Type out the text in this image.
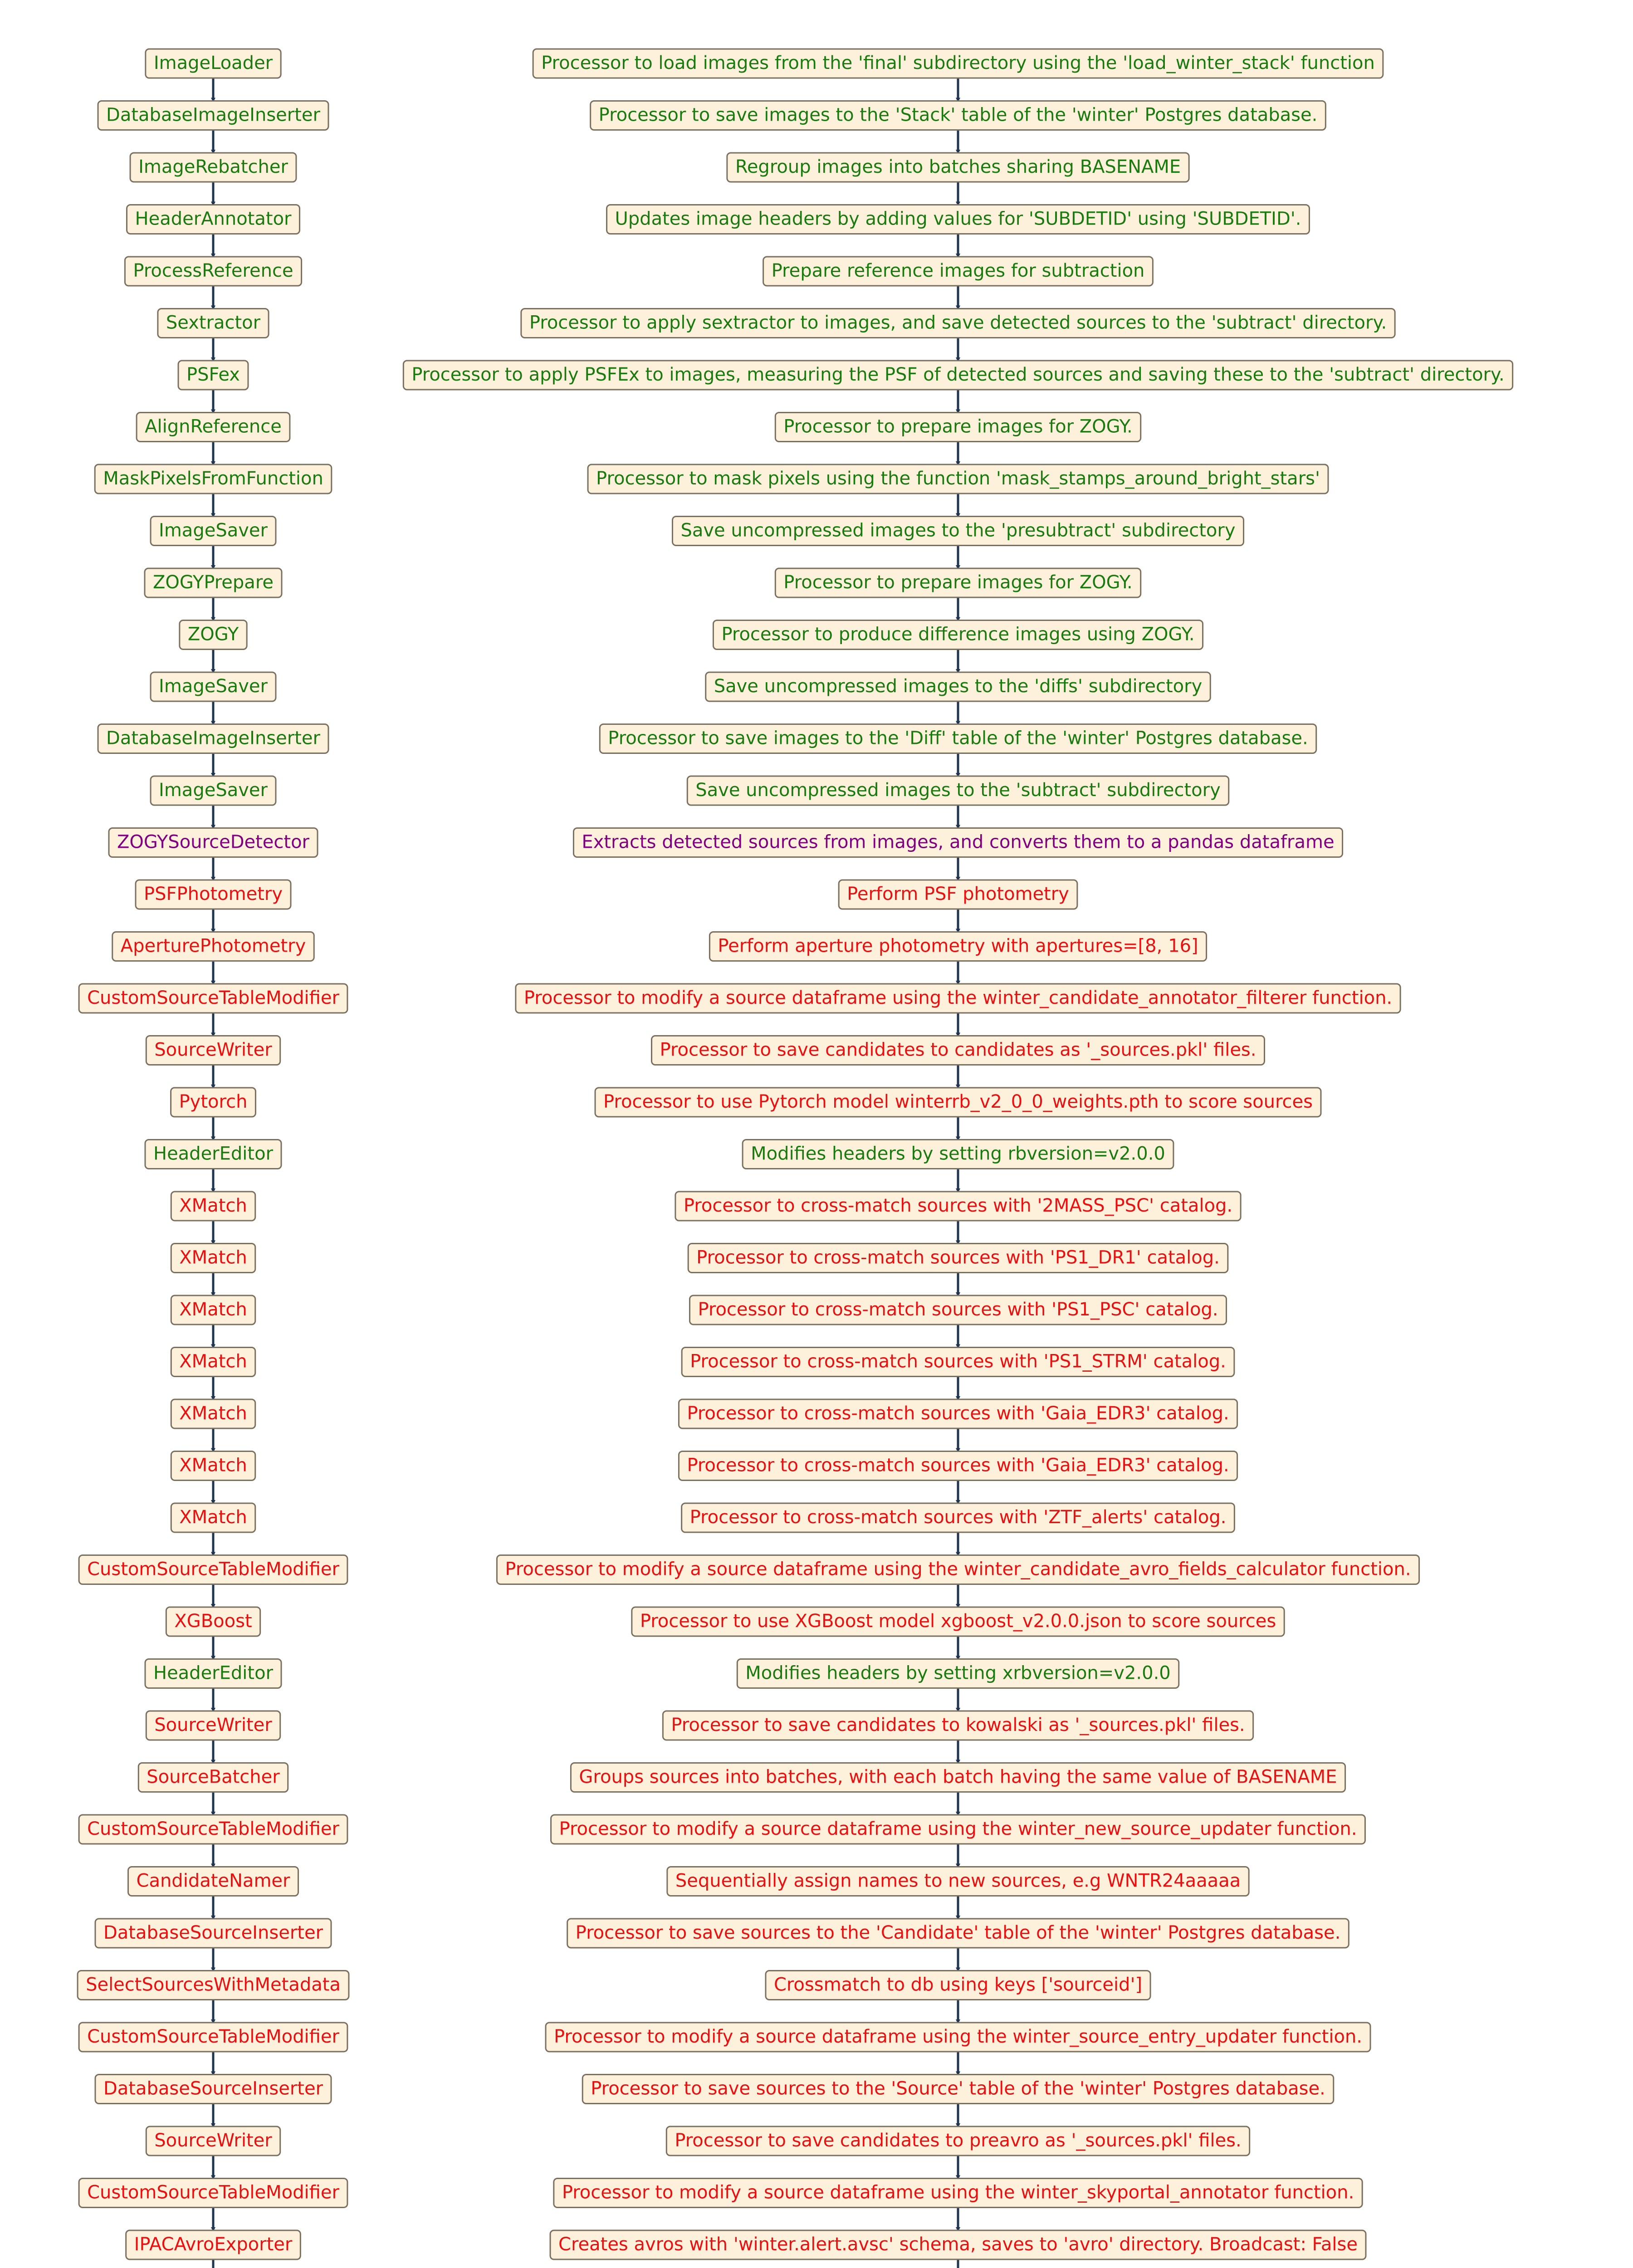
ImageLoader
DatabaseImageInserter
ImageRebatcher
HeaderAnnotator
ProcessReference
Sextractor
PSFex
AlignReference
MaskPixelsFromFunction
ImageSaver
ZOGYPrepare
ZOGY
ImageSaver
DatabaseImageInserter
ImageSaver
ZOGYSourceDetector
PSFPhotometry
AperturePhotometry
CustomSourceTableModifier
SourceWriter
Pytorch
HeaderEditor
XMatch
XMatch
XMatch
XMatch
XMatch
XMatch
XMatch
CustomSourceTableModifier
XGBoost
HeaderEditor
SourceWriter
SourceBatcher
CustomSourceTableModifier
CandidateNamer
DatabaseSourceInserter
SelectSourcesWithMetadata
CustomSourceTableModifier
DatabaseSourceInserter
SourceWriter
CustomSourceTableModifier
IPACAvroExporter
Processor to load images from the 'final' subdirectory using the 'load_winter_stack' function
Processor to save images to the 'Stack' table of the 'winter' Postgres database.
Regroup images into batches sharing BASENAME
Updates image headers by adding values for 'SUBDETID' using 'SUBDETID'.
Prepare reference images for subtraction
Processor to apply sextractor to images, and save detected sources to the 'subtract' directory.
Processor to apply PSFEx to images, measuring the PSF of detected sources and saving these to the 'subtract' directory.
Processor to prepare images for ZOGY.
Processor to mask pixels using the function 'mask_stamps_around_bright_stars'
Save uncompressed images to the 'presubtract' subdirectory
Processor to prepare images for ZOGY.
Processor to produce difference images using ZOGY.
Save uncompressed images to the 'diffs' subdirectory
Processor to save images to the 'Diff' table of the 'winter' Postgres database.
Save uncompressed images to the 'subtract' subdirectory
Extracts detected sources from images, and converts them to a pandas dataframe
Perform PSF photometry
Perform aperture photometry with apertures=[8, 16]
Processor to modify a source dataframe using the winter_candidate_annotator_filterer function.
Processor to save candidates to candidates as '_sources.pkl' files.
Processor to use Pytorch model winterrb_v2_0_0_weights.pth to score sources
Modifies headers by setting rbversion=v2.0.0
Processor to cross-match sources with '2MASS_PSC' catalog.
Processor to cross-match sources with 'PS1_DR1' catalog.
Processor to cross-match sources with 'PS1_PSC' catalog.
Processor to cross-match sources with 'PS1_STRM' catalog.
Processor to cross-match sources with 'Gaia_EDR3' catalog.
Processor to cross-match sources with 'Gaia_EDR3' catalog.
Processor to cross-match sources with 'ZTF_alerts' catalog.
Processor to modify a source dataframe using the winter_candidate_avro_fields_calculator function.
Processor to use XGBoost model xgboost_v2.0.0.json to score sources
Modifies headers by setting xrbversion=v2.0.0
Processor to save candidates to kowalski as '_sources.pkl' files.
Groups sources into batches, with each batch having the same value of BASENAME
Processor to modify a source dataframe using the winter_new_source_updater function.
Sequentially assign names to new sources, e.g WNTR24aaaaa
Processor to save sources to the 'Candidate' table of the 'winter' Postgres database.
Crossmatch to db using keys ['sourceid']
Processor to modify a source dataframe using the winter_source_entry_updater function.
Processor to save sources to the 'Source' table of the 'winter' Postgres database.
Processor to save candidates to preavro as '_sources.pkl' files.
Processor to modify a source dataframe using the winter_skyportal_annotator function.
Creates avros with 'winter.alert.avsc' schema, saves to 'avro' directory. Broadcast: False
